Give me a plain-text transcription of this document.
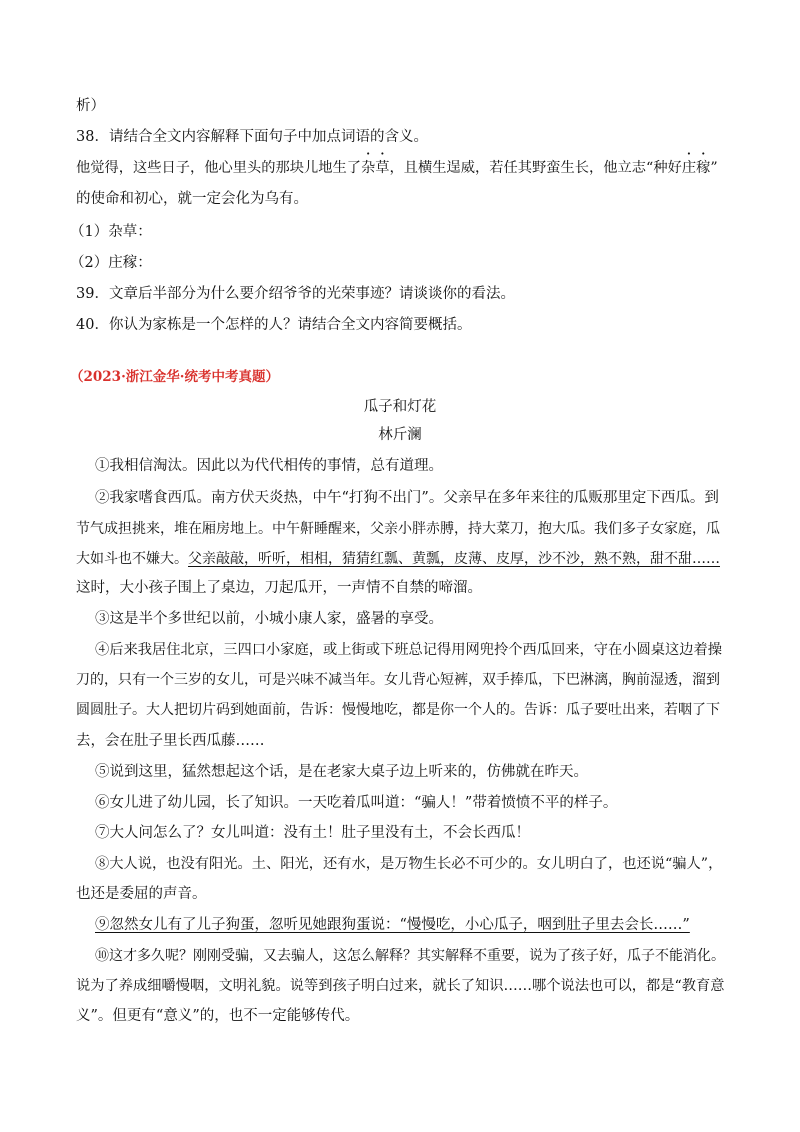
析）
38．请结合全文内容解释下面句子中加点词语的含义。
他觉得，这些日子，他心里头的那块儿地生了杂草，且横生逞威，若任其野蛮生长，他立志“种好庄稼”
的使命和初心，就一定会化为乌有。
（1）杂草：
（2）庄稼：
39．文章后半部分为什么要介绍爷爷的光荣事迹？请谈谈你的看法。
40．你认为家栋是一个怎样的人？请结合全文内容简要概括。
（2023·浙江金华·统考中考真题）
瓜子和灯花
林斤澜
①我相信淘汰。因此以为代代相传的事情，总有道理。
②我家嗜食西瓜。南方伏天炎热，中午“打狗不出门”。父亲早在多年来往的瓜贩那里定下西瓜。到
节气成担挑来，堆在厢房地上。中午鼾睡醒来，父亲小胖赤膊，持大菜刀，抱大瓜。我们多子女家庭，瓜
大如斗也不嫌大。父亲敲敲，听听，相相，猜猜红瓢、黄瓢，皮薄、皮厚，沙不沙，熟不熟，甜不甜……
这时，大小孩子围上了桌边，刀起瓜开，一声情不自禁的啼溜。
③这是半个多世纪以前，小城小康人家，盛暑的享受。
④后来我居住北京，三四口小家庭，或上街或下班总记得用网兜拎个西瓜回来，守在小圆桌这边着操
刀的，只有一个三岁的女儿，可是兴味不减当年。女儿背心短裤，双手捧瓜，下巴淋漓，胸前湿透，溜到
圆圆肚子。大人把切片码到她面前，告诉：慢慢地吃，都是你一个人的。告诉：瓜子要吐出来，若咽了下
去，会在肚子里长西瓜藤……
⑤说到这里，猛然想起这个话，是在老家大桌子边上听来的，仿佛就在昨天。
⑥女儿进了幼儿园，长了知识。一天吃着瓜叫道：“骗人！”带着愤愤不平的样子。
⑦大人问怎么了？女儿叫道：没有土！肚子里没有土，不会长西瓜！
⑧大人说，也没有阳光。土、阳光，还有水，是万物生长必不可少的。女儿明白了，也还说“骗人”，
也还是委屈的声音。
⑨忽然女儿有了儿子狗蛋，忽听见她跟狗蛋说：“慢慢吃，小心瓜子，咽到肚子里去会长……”
⑩这才多久呢？刚刚受骗，又去骗人，这怎么解释？其实解释不重要，说为了孩子好，瓜子不能消化。
说为了养成细嚼慢咽，文明礼貌。说等到孩子明白过来，就长了知识……哪个说法也可以，都是“教育意
义”。但更有“意义”的，也不一定能够传代。
